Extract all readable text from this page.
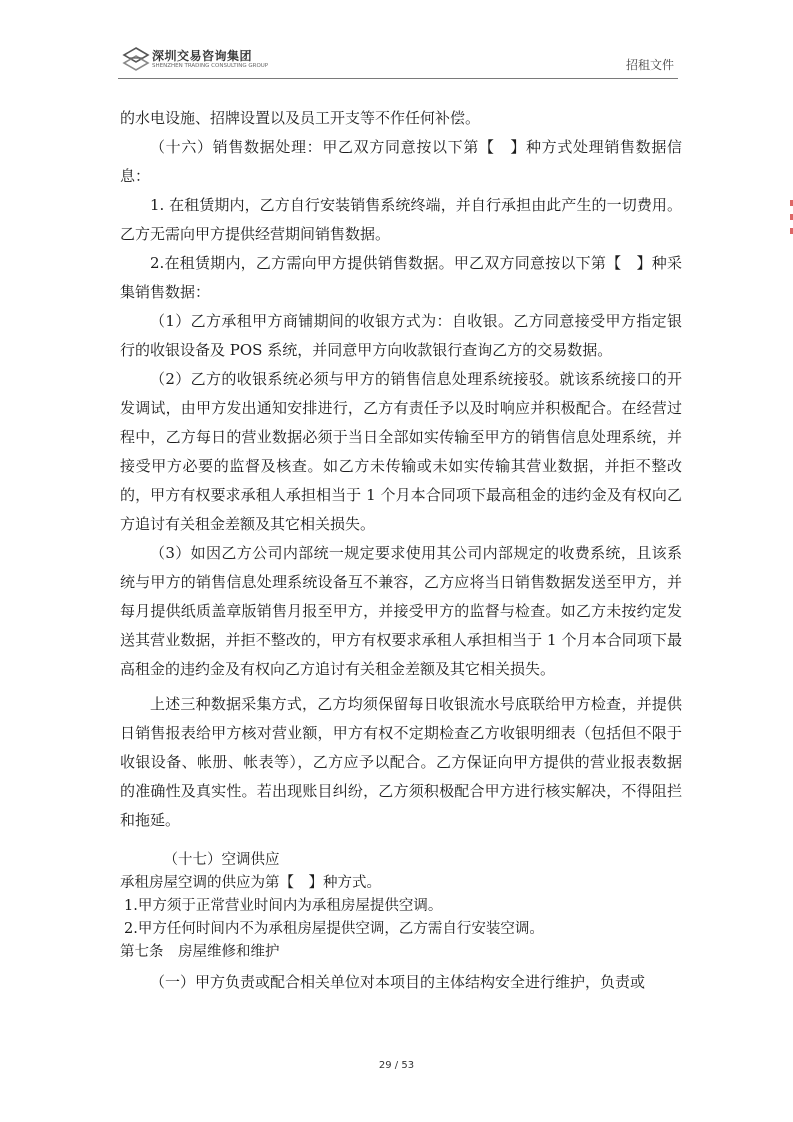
深圳交易咨询集团
SHENZHEN TRADING CONSULTING GROUP	招租文件

的水电设施、招牌设置以及员工开支等不作任何补偿。

（十六）销售数据处理：甲乙双方同意按以下第【　】种方式处理销售数据信息：

1. 在租赁期内，乙方自行安装销售系统终端，并自行承担由此产生的一切费用。乙方无需向甲方提供经营期间销售数据。

2.在租赁期内，乙方需向甲方提供销售数据。甲乙双方同意按以下第【　】种采集销售数据：

（1）乙方承租甲方商铺期间的收银方式为：自收银。乙方同意接受甲方指定银行的收银设备及 POS 系统，并同意甲方向收款银行查询乙方的交易数据。

（2）乙方的收银系统必须与甲方的销售信息处理系统接驳。就该系统接口的开发调试，由甲方发出通知安排进行，乙方有责任予以及时响应并积极配合。在经营过程中，乙方每日的营业数据必须于当日全部如实传输至甲方的销售信息处理系统，并接受甲方必要的监督及核查。如乙方未传输或未如实传输其营业数据，并拒不整改的，甲方有权要求承租人承担相当于 1 个月本合同项下最高租金的违约金及有权向乙方追讨有关租金差额及其它相关损失。

（3）如因乙方公司内部统一规定要求使用其公司内部规定的收费系统，且该系统与甲方的销售信息处理系统设备互不兼容，乙方应将当日销售数据发送至甲方，并每月提供纸质盖章版销售月报至甲方，并接受甲方的监督与检查。如乙方未按约定发送其营业数据，并拒不整改的，甲方有权要求承租人承担相当于 1 个月本合同项下最高租金的违约金及有权向乙方追讨有关租金差额及其它相关损失。

上述三种数据采集方式，乙方均须保留每日收银流水号底联给甲方检查，并提供日销售报表给甲方核对营业额，甲方有权不定期检查乙方收银明细表（包括但不限于收银设备、帐册、帐表等），乙方应予以配合。乙方保证向甲方提供的营业报表数据的准确性及真实性。若出现账目纠纷，乙方须积极配合甲方进行核实解决，不得阻拦和拖延。

（十七）空调供应

承租房屋空调的供应为第【　】种方式。

1.甲方须于正常营业时间内为承租房屋提供空调。

2.甲方任何时间内不为承租房屋提供空调，乙方需自行安装空调。

第七条　房屋维修和维护

（一）甲方负责或配合相关单位对本项目的主体结构安全进行维护，负责或

29 / 53
